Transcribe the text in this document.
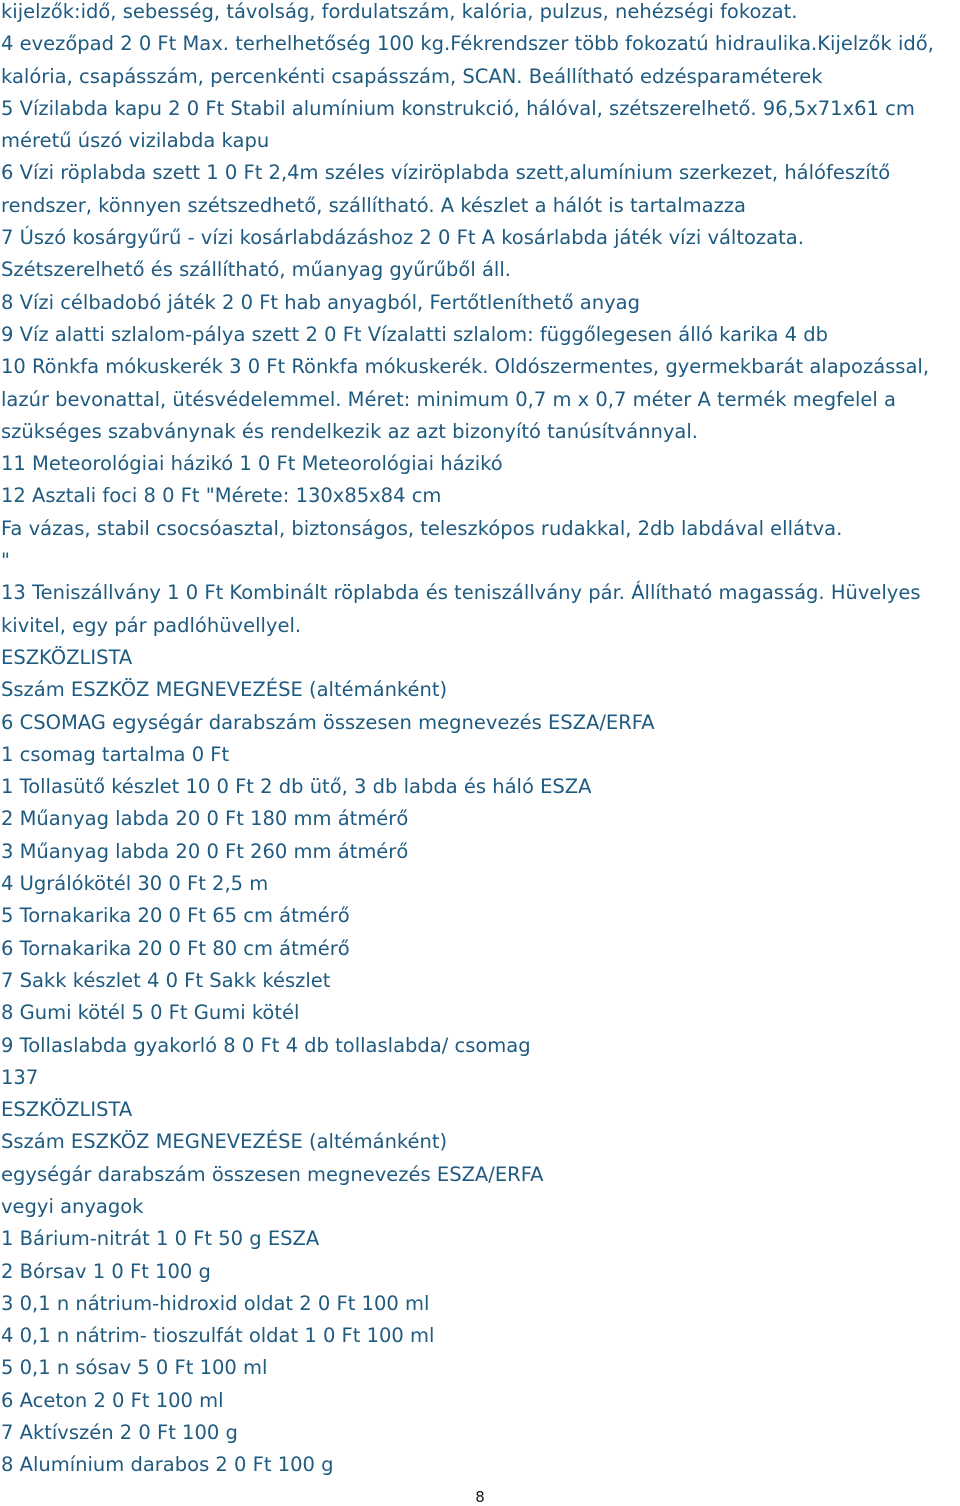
kijelzők:idő, sebesség, távolság, fordulatszám, kalória, pulzus, nehézségi fokozat.
4 evezőpad 2 0 Ft Max. terhelhetőség 100 kg.Fékrendszer több fokozatú hidraulika.Kijelzők idő,
kalória, csapásszám, percenkénti csapásszám, SCAN. Beállítható edzésparaméterek
5 Vízilabda kapu 2 0 Ft Stabil alumínium konstrukció, hálóval, szétszerelhető. 96,5x71x61 cm
méretű úszó vizilabda kapu
6 Vízi röplabda szett 1 0 Ft 2,4m széles víziröplabda szett,alumínium szerkezet, hálófeszítő
rendszer, könnyen szétszedhető, szállítható. A készlet a hálót is tartalmazza
7 Úszó kosárgyűrű - vízi kosárlabdázáshoz 2 0 Ft A kosárlabda játék vízi változata.
Szétszerelhető és szállítható, műanyag gyűrűből áll.
8 Vízi célbadobó játék 2 0 Ft hab anyagból, Fertőtleníthető anyag
9 Víz alatti szlalom-pálya szett 2 0 Ft Vízalatti szlalom: függőlegesen álló karika 4 db
10 Rönkfa mókuskerék 3 0 Ft Rönkfa mókuskerék. Oldószermentes, gyermekbarát alapozással,
lazúr bevonattal, ütésvédelemmel. Méret: minimum 0,7 m x 0,7 méter A termék megfelel a
szükséges szabványnak és rendelkezik az azt bizonyító tanúsítvánnyal.
11 Meteorológiai házikó 1 0 Ft Meteorológiai házikó
12 Asztali foci 8 0 Ft "Mérete: 130x85x84 cm
Fa vázas, stabil csocsóasztal, biztonságos, teleszkópos rudakkal, 2db labdával ellátva.
"
13 Teniszállvány 1 0 Ft Kombinált röplabda és teniszállvány pár. Állítható magasság. Hüvelyes
kivitel, egy pár padlóhüvellyel.
ESZKÖZLISTA
Sszám ESZKÖZ MEGNEVEZÉSE (altémánként)
6 CSOMAG egységár darabszám összesen megnevezés ESZA/ERFA
1 csomag tartalma 0 Ft
1 Tollasütő készlet 10 0 Ft 2 db ütő, 3 db labda és háló ESZA
2 Műanyag labda 20 0 Ft 180 mm átmérő
3 Műanyag labda 20 0 Ft 260 mm átmérő
4 Ugrálókötél 30 0 Ft 2,5 m
5 Tornakarika 20 0 Ft 65 cm átmérő
6 Tornakarika 20 0 Ft 80 cm átmérő
7 Sakk készlet 4 0 Ft Sakk készlet
8 Gumi kötél 5 0 Ft Gumi kötél
9 Tollaslabda gyakorló 8 0 Ft 4 db tollaslabda/ csomag
137
ESZKÖZLISTA
Sszám ESZKÖZ MEGNEVEZÉSE (altémánként)
egységár darabszám összesen megnevezés ESZA/ERFA
vegyi anyagok
1 Bárium-nitrát 1 0 Ft 50 g ESZA
2 Bórsav 1 0 Ft 100 g
3 0,1 n nátrium-hidroxid oldat 2 0 Ft 100 ml
4 0,1 n nátrim- tioszulfát oldat 1 0 Ft 100 ml
5 0,1 n sósav 5 0 Ft 100 ml
6 Aceton 2 0 Ft 100 ml
7 Aktívszén 2 0 Ft 100 g
8 Alumínium darabos 2 0 Ft 100 g
8
